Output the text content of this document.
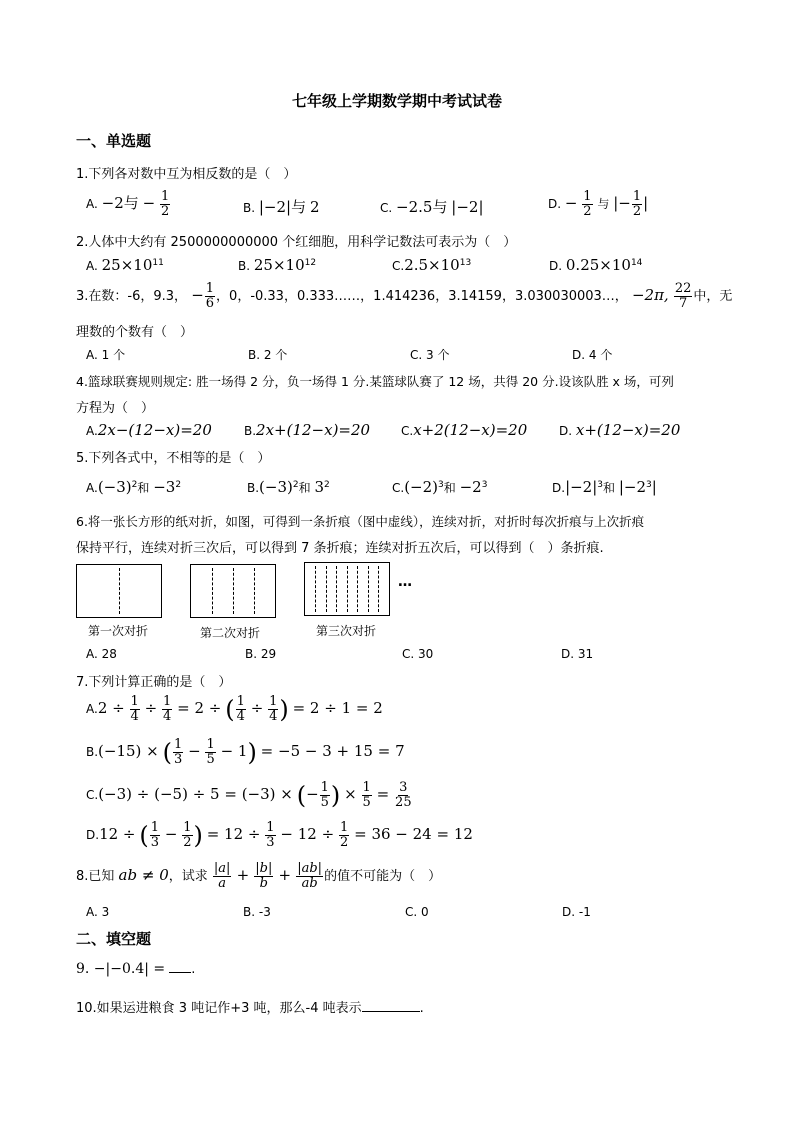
七年级上学期数学期中考试试卷
一、单选题
1.下列各对数中互为相反数的是（　）
A. −2与 − $\frac{1}{2}$	B. |−2|与 2	C. −2.5与 |−2|	D. − $\frac{1}{2}$ 与 |− $\frac{1}{2}$ |
2.人体中大约有 2500000000000 个红细胞，用科学记数法可表示为（　）
A. $25\times 10^{11}$	B. $25\times 10^{12}$	$C.2.5\times 10^{13}$	D. $0.25\times 10^{14}$
3.在数：-6，9.3， − $\frac{1}{6}$ ，0，-0.33，0.333……，1.414236，3.14159，3.030030003…， −2π, $\frac{22}{7}$ 中，无
理数的个数有（　）
A. 1 个	B. 2 个	C. 3 个	D. 4 个
4.篮球联赛规则规定: 胜一场得 2 分，负一场得 1 分.某篮球队赛了 12 场，共得 20 分.设该队胜 x 场，可列
方程为（　）
A.2x−(12−x)=20	B.2x+(12−x)=20	C.x+2(12−x)=20	D. x+(12−x)=20
5.下列各式中，不相等的是（　）
$A.(-3)^2$和 $-3^2$	$B.(-3)^2$和 $3^2$	$C.(-2)^3$和 $-2^3$	$D.|-2|^3$和 $|-2^3|$
6.将一张长方形的纸对折，如图，可得到一条折痕（图中虚线），连续对折，对折时每次折痕与上次折痕
保持平行，连续对折三次后，可以得到 7 条折痕；连续对折五次后，可以得到（　）条折痕.
…
第一次对折	第二次对折	第三次对折
A. 28	B. 29	C. 30	D. 31
7.下列计算正确的是（　）
$A.2 \div \frac{1}{4} \div \frac{1}{4} = 2$ ÷ ( $\frac{1}{4} \div \frac{1}{4}$ ) = 2 ÷ 1 = 2
B.(−15) × ( $\frac{1}{3} - \frac{1}{5} - 1) = -5 - 3 + 15 = 7$
C.(−3) ÷ (−5) ÷ 5 = (−3) × (− $\frac{1}{5}$ ) × $\frac{1}{5} = \frac{3}{25}$
D.12 ÷ ( $\frac{1}{3} - \frac{1}{2}$ ) = $12 \div \frac{1}{3} - 12 \div \frac{1}{2} = 36 - 24 = 12$
8.已知 ab ≠ 0，试求 $\frac{|a|}{a} + \frac{|b|}{b} + \frac{|ab|}{ab}$ 的值不可能为（　）
A. 3	B. -3	C. 0	D. -1
二、填空题
9. −|−0.4| = .
10.如果运进粮食 3 吨记作+3 吨，那么-4 吨表示	.
